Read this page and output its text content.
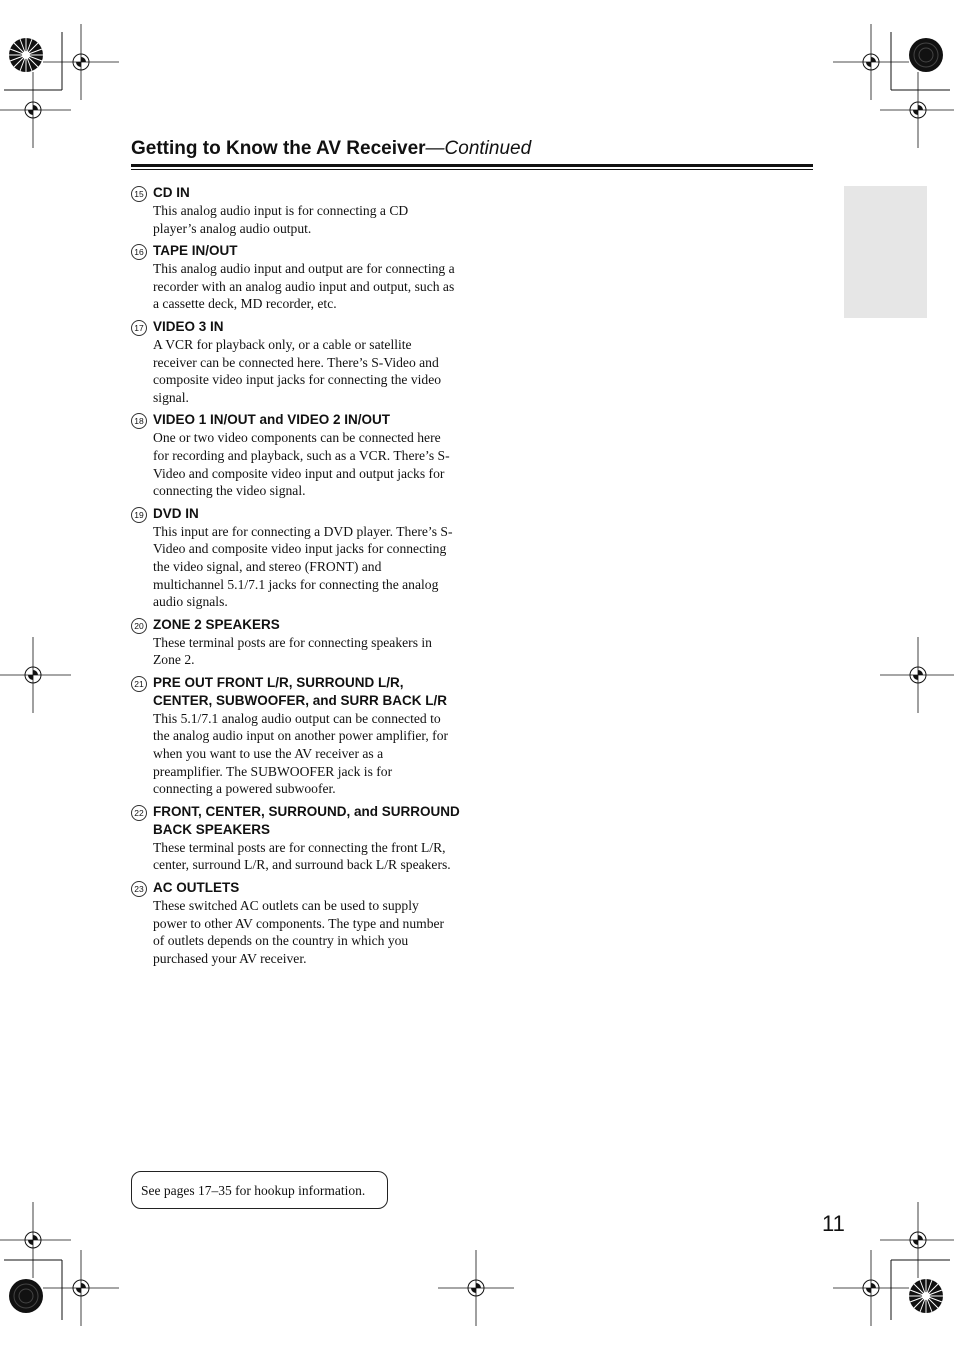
Getting to Know the AV Receiver—Continued
15 CD IN
This analog audio input is for connecting a CD player’s analog audio output.
16 TAPE IN/OUT
This analog audio input and output are for connecting a recorder with an analog audio input and output, such as a cassette deck, MD recorder, etc.
17 VIDEO 3 IN
A VCR for playback only, or a cable or satellite receiver can be connected here. There’s S-Video and composite video input jacks for connecting the video signal.
18 VIDEO 1 IN/OUT and VIDEO 2 IN/OUT
One or two video components can be connected here for recording and playback, such as a VCR. There’s S-Video and composite video input and output jacks for connecting the video signal.
19 DVD IN
This input are for connecting a DVD player. There’s S-Video and composite video input jacks for connecting the video signal, and stereo (FRONT) and multichannel 5.1/7.1 jacks for connecting the analog audio signals.
20 ZONE 2 SPEAKERS
These terminal posts are for connecting speakers in Zone 2.
21 PRE OUT FRONT L/R, SURROUND L/R, CENTER, SUBWOOFER, and SURR BACK L/R
This 5.1/7.1 analog audio output can be connected to the analog audio input on another power amplifier, for when you want to use the AV receiver as a preamplifier. The SUBWOOFER jack is for connecting a powered subwoofer.
22 FRONT, CENTER, SURROUND, and SURROUND BACK SPEAKERS
These terminal posts are for connecting the front L/R, center, surround L/R, and surround back L/R speakers.
23 AC OUTLETS
These switched AC outlets can be used to supply power to other AV components. The type and number of outlets depends on the country in which you purchased your AV receiver.
See pages 17–35 for hookup information.
11
